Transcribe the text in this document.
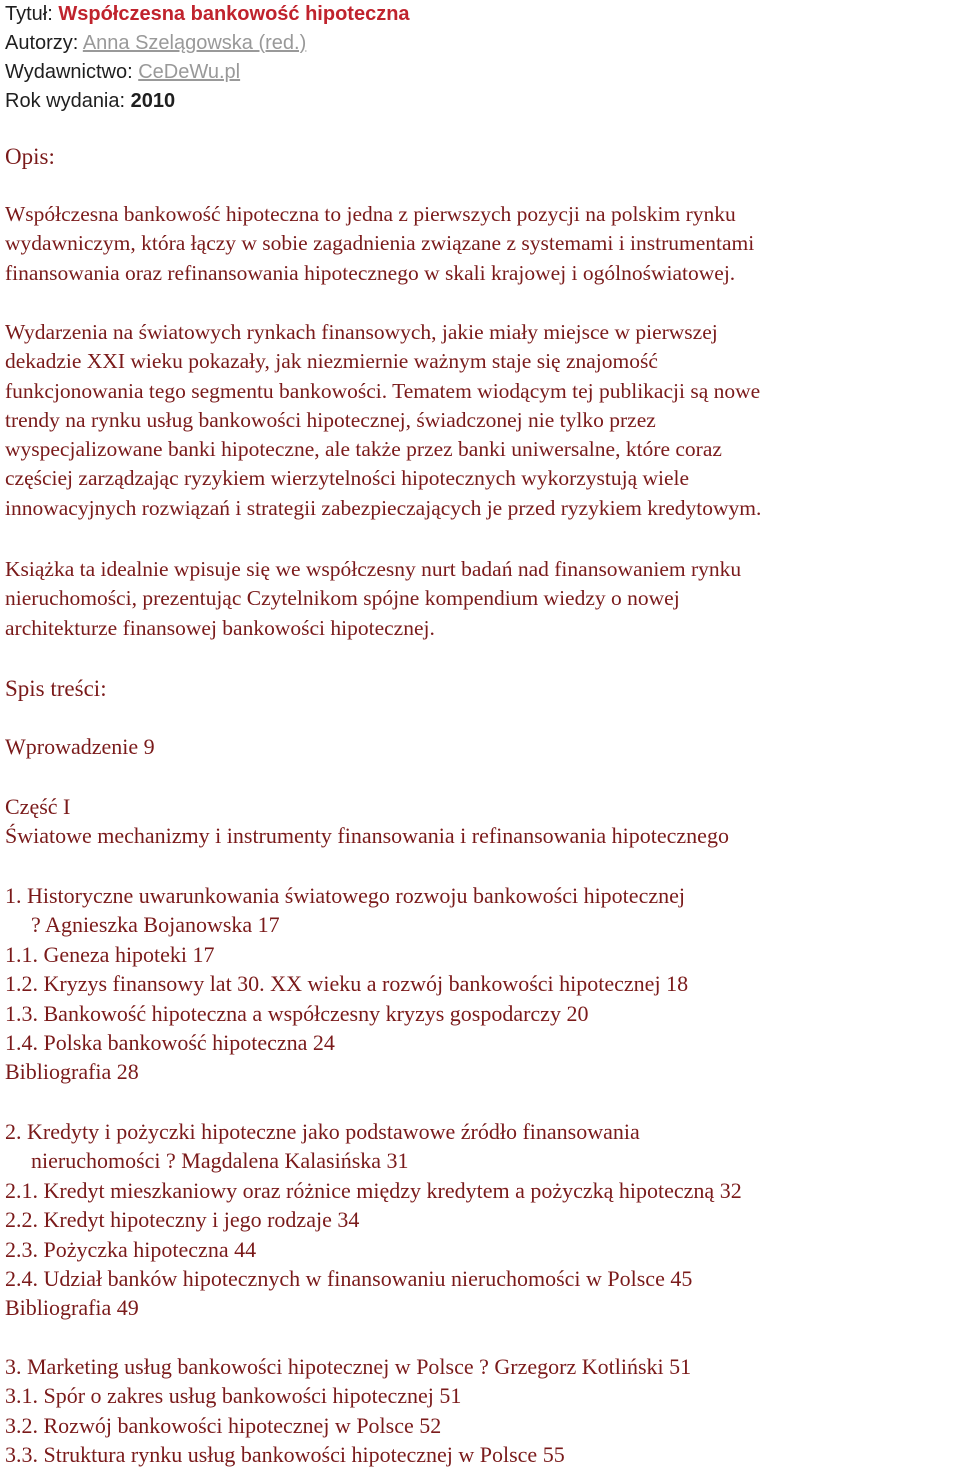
Tytuł: Współczesna bankowość hipoteczna
Autorzy: Anna Szelągowska (red.)
Wydawnictwo: CeDeWu.pl
Rok wydania: 2010
Opis:
Współczesna bankowość hipoteczna to jedna z pierwszych pozycji na polskim rynku
wydawniczym, która łączy w sobie zagadnienia związane z systemami i instrumentami
finansowania oraz refinansowania hipotecznego w skali krajowej i ogólnoświatowej.
Wydarzenia na światowych rynkach finansowych, jakie miały miejsce w pierwszej
dekadzie XXI wieku pokazały, jak niezmiernie ważnym staje się znajomość
funkcjonowania tego segmentu bankowości. Tematem wiodącym tej publikacji są nowe
trendy na rynku usług bankowości hipotecznej, świadczonej nie tylko przez
wyspecjalizowane banki hipoteczne, ale także przez banki uniwersalne, które coraz
częściej zarządzając ryzykiem wierzytelności hipotecznych wykorzystują wiele
innowacyjnych rozwiązań i strategii zabezpieczających je przed ryzykiem kredytowym.
Książka ta idealnie wpisuje się we współczesny nurt badań nad finansowaniem rynku
nieruchomości, prezentując Czytelnikom spójne kompendium wiedzy o nowej
architekturze finansowej bankowości hipotecznej.
Spis treści:
Wprowadzenie 9
Część I
Światowe mechanizmy i instrumenty finansowania i refinansowania hipotecznego
1. Historyczne uwarunkowania światowego rozwoju bankowości hipotecznej
? Agnieszka Bojanowska 17
1.1. Geneza hipoteki 17
1.2. Kryzys finansowy lat 30. XX wieku a rozwój bankowości hipotecznej 18
1.3. Bankowość hipoteczna a współczesny kryzys gospodarczy 20
1.4. Polska bankowość hipoteczna 24
Bibliografia 28
2. Kredyty i pożyczki hipoteczne jako podstawowe źródło finansowania
nieruchomości ? Magdalena Kalasińska 31
2.1. Kredyt mieszkaniowy oraz różnice między kredytem a pożyczką hipoteczną 32
2.2. Kredyt hipoteczny i jego rodzaje 34
2.3. Pożyczka hipoteczna 44
2.4. Udział banków hipotecznych w finansowaniu nieruchomości w Polsce 45
Bibliografia 49
3. Marketing usług bankowości hipotecznej w Polsce ? Grzegorz Kotliński 51
3.1. Spór o zakres usług bankowości hipotecznej 51
3.2. Rozwój bankowości hipotecznej w Polsce 52
3.3. Struktura rynku usług bankowości hipotecznej w Polsce 55
